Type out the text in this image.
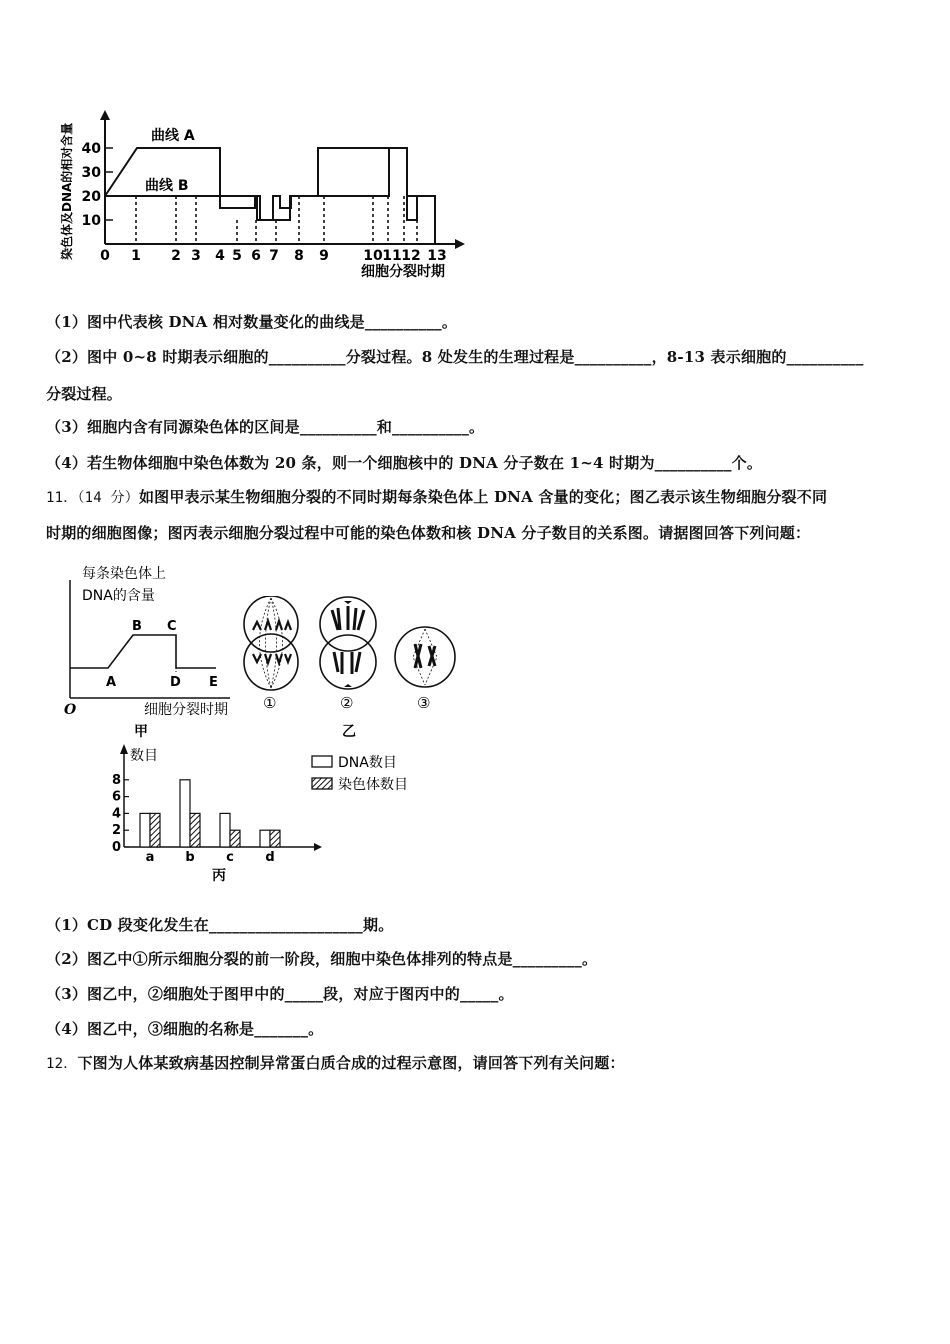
染色体及DNA的相对含量 10
20
30
40
曲线 A
曲线 B
0 1 2 3 4 5 6 7 8 9 10 11 12 13
细胞分裂时期
（1）图中代表核 DNA 相对数量变化的曲线是__________。
（2）图中 0~8 时期表示细胞的__________分裂过程。8 处发生的生理过程是__________，8-13 表示细胞的__________
分裂过程。
（3）细胞内含有同源染色体的区间是__________和__________。
（4）若生物体细胞中染色体数为 20 条，则一个细胞核中的 DNA 分子数在 1~4 时期为__________个。
11．（14 分）如图甲表示某生物细胞分裂的不同时期每条染色体上 DNA 含量的变化；图乙表示该生物细胞分裂不同
时期的细胞图像；图丙表示细胞分裂过程中可能的染色体数和核 DNA 分子数目的关系图。请据图回答下列问题：
每条染色体上
DNA的含量
A
B C
D E
O	细胞分裂时期
甲
①	②	③
乙
数目
0
2
4
6
8
a b c d
DNA数目
染色体数目
丙
（1）CD 段变化发生在____________________期。
（2）图乙中①所示细胞分裂的前一阶段，细胞中染色体排列的特点是_________。
（3）图乙中，②细胞处于图甲中的_____段，对应于图丙中的_____。
（4）图乙中，③细胞的名称是_______。
12．下图为人体某致病基因控制异常蛋白质合成的过程示意图，请回答下列有关问题：
